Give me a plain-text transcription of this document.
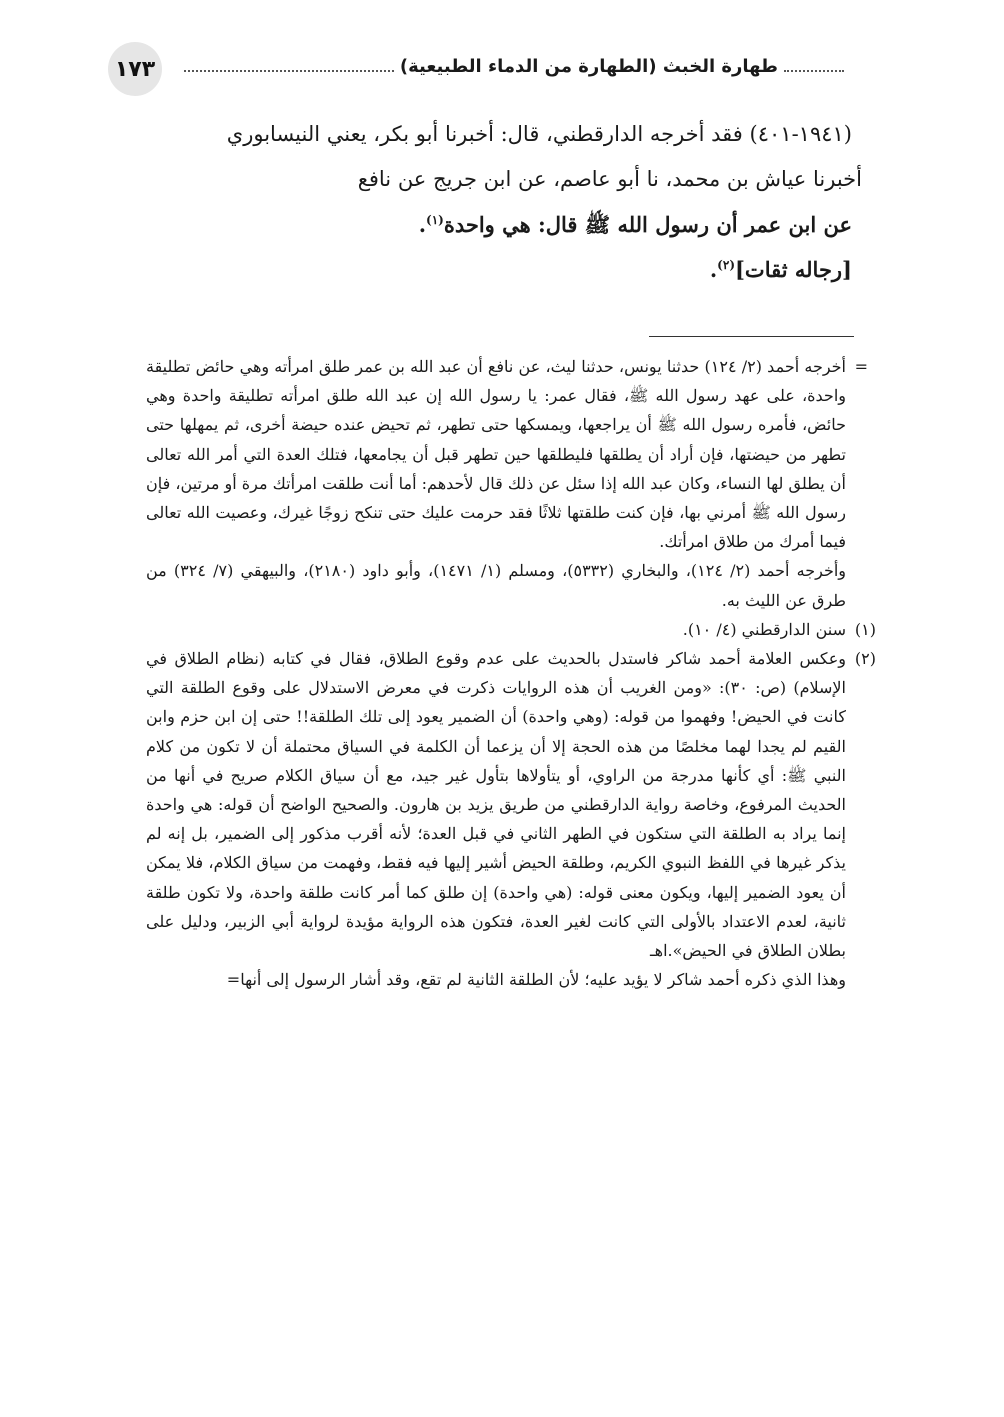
١٧٣	طهارة الخبث (الطهارة من الدماء الطبيعية)

(١٩٤١-٤٠١) فقد أخرجه الدارقطني، قال: أخبرنا أبو بكر، يعني النيسابوري

أخبرنا عياش بن محمد، نا أبو عاصم، عن ابن جريج عن نافع

عن ابن عمر أن رسول الله ﷺ قال: هي واحدة$^{(١)}$.

[رجاله ثقات]$^{(٢)}$.

=

أخرجه أحمد (٢/ ١٢٤) حدثنا يونس، حدثنا ليث، عن نافع أن عبد الله بن عمر طلق امرأته وهي حائض تطليقة واحدة، على عهد رسول الله ﷺ، فقال عمر: يا رسول الله إن عبد الله طلق امرأته تطليقة واحدة وهي حائض، فأمره رسول الله ﷺ أن يراجعها، ويمسكها حتى تطهر، ثم تحيض عنده حيضة أخرى، ثم يمهلها حتى تطهر من حيضتها، فإن أراد أن يطلقها فليطلقها حين تطهر قبل أن يجامعها، فتلك العدة التي أمر الله تعالى أن يطلق لها النساء، وكان عبد الله إذا سئل عن ذلك قال لأحدهم: أما أنت طلقت امرأتك مرة أو مرتين، فإن رسول الله ﷺ أمرني بها، فإن كنت طلقتها ثلاثًا فقد حرمت عليك حتى تنكح زوجًا غيرك، وعصيت الله تعالى فيما أمرك من طلاق امرأتك.

وأخرجه أحمد (٢/ ١٢٤)، والبخاري (٥٣٣٢)، ومسلم (١/ ١٤٧١)، وأبو داود (٢١٨٠)، والبيهقي (٧/ ٣٢٤) من طرق عن الليث به.

(١)

سنن الدارقطني (٤/ ١٠).

(٢)

وعكس العلامة أحمد شاكر فاستدل بالحديث على عدم وقوع الطلاق، فقال في كتابه (نظام الطلاق في الإسلام) (ص: ٣٠): «ومن الغريب أن هذه الروايات ذكرت في معرض الاستدلال على وقوع الطلقة التي كانت في الحيض! وفهموا من قوله: (وهي واحدة) أن الضمير يعود إلى تلك الطلقة!! حتى إن ابن حزم وابن القيم لم يجدا لهما مخلصًا من هذه الحجة إلا أن يزعما أن الكلمة في السياق محتملة أن لا تكون من كلام النبي ﷺ: أي كأنها مدرجة من الراوي، أو يتأولاها بتأول غير جيد، مع أن سياق الكلام صريح في أنها من الحديث المرفوع، وخاصة رواية الدارقطني من طريق يزيد بن هارون. والصحيح الواضح أن قوله: هي واحدة إنما يراد به الطلقة التي ستكون في الطهر الثاني في قبل العدة؛ لأنه أقرب مذكور إلى الضمير، بل إنه لم يذكر غيرها في اللفظ النبوي الكريم، وطلقة الحيض أشير إليها فيه فقط، وفهمت من سياق الكلام، فلا يمكن أن يعود الضمير إليها، ويكون معنى قوله: (هي واحدة) إن طلق كما أمر كانت طلقة واحدة، ولا تكون طلقة ثانية، لعدم الاعتداد بالأولى التي كانت لغير العدة، فتكون هذه الرواية مؤيدة لرواية أبي الزبير، ودليل على بطلان الطلاق في الحيض».اهـ

وهذا الذي ذكره أحمد شاكر لا يؤيد عليه؛ لأن الطلقة الثانية لم تقع، وقد أشار الرسول إلى أنها=
